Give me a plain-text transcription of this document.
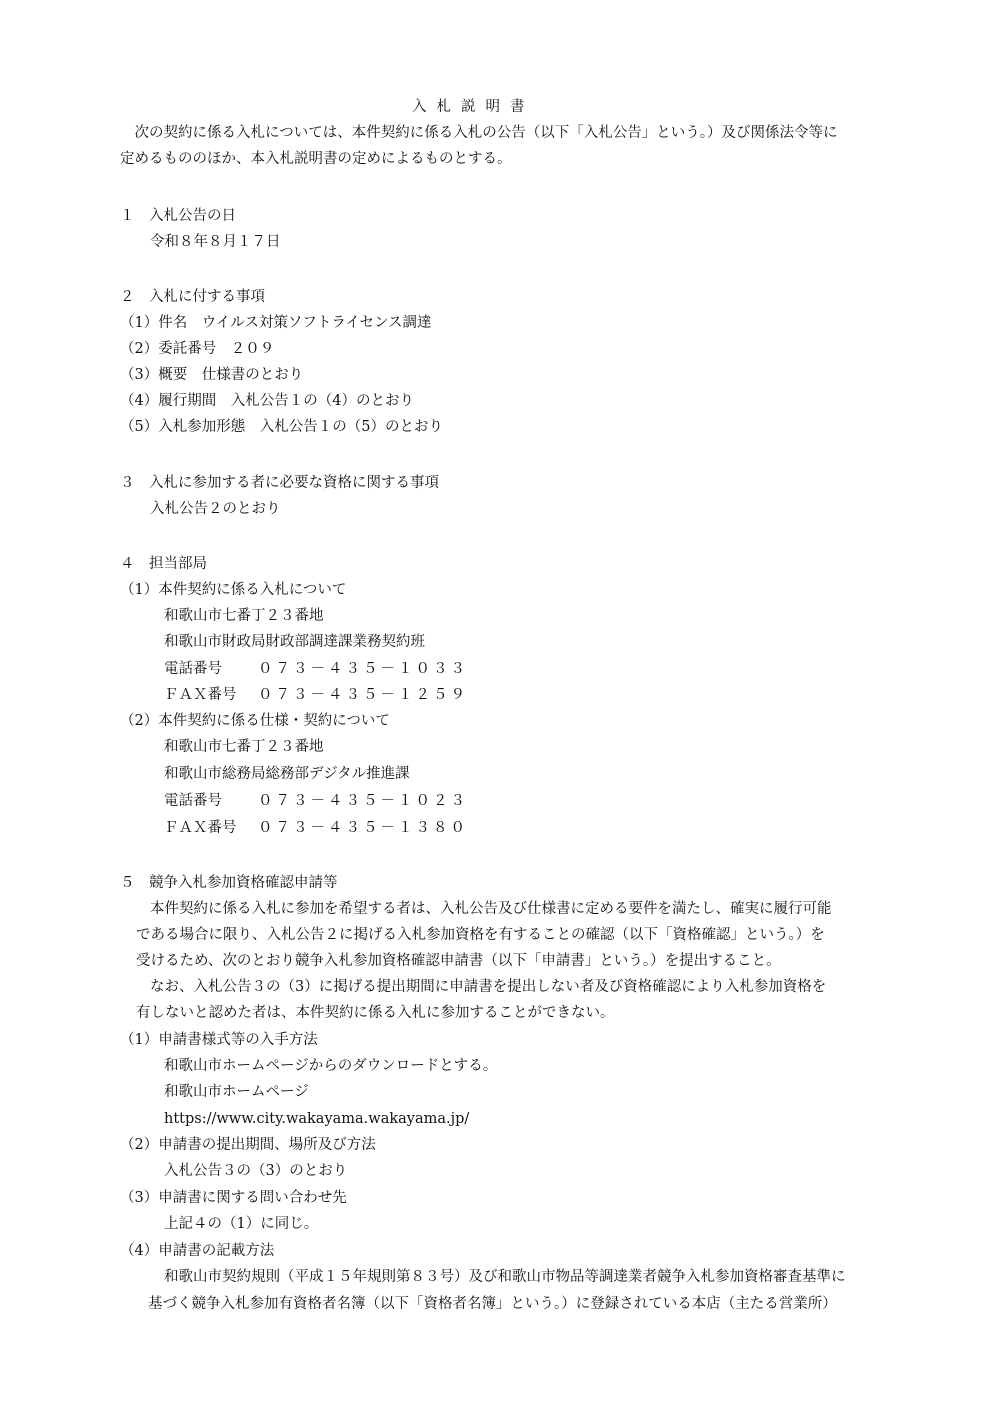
入札説明書
　次の契約に係る入札については、本件契約に係る入札の公告（以下「入札公告」という。）及び関係法令等に
定めるもののほか、本入札説明書の定めによるものとする。
１　入札公告の日
令和８年８月１７日
２　入札に付する事項
（1）件名　ウイルス対策ソフトライセンス調達
（2）委託番号　２０９
（3）概要　仕様書のとおり
（4）履行期間　入札公告１の（4）のとおり
（5）入札参加形態　入札公告１の（5）のとおり
３　入札に参加する者に必要な資格に関する事項
入札公告２のとおり
４　担当部局
（1）本件契約に係る入札について
和歌山市七番丁２３番地
和歌山市財政局財政部調達課業務契約班
電話番号 ０７３－４３５－１０３３
ＦＡＸ番号 ０７３－４３５－１２５９
（2）本件契約に係る仕様・契約について
和歌山市七番丁２３番地
和歌山市総務局総務部デジタル推進課
電話番号 ０７３－４３５－１０２３
ＦＡＸ番号 ０７３－４３５－１３８０
５　競争入札参加資格確認申請等
本件契約に係る入札に参加を希望する者は、入札公告及び仕様書に定める要件を満たし、確実に履行可能
である場合に限り、入札公告２に掲げる入札参加資格を有することの確認（以下「資格確認」という。）を
受けるため、次のとおり競争入札参加資格確認申請書（以下「申請書」という。）を提出すること。
なお、入札公告３の（3）に掲げる提出期間に申請書を提出しない者及び資格確認により入札参加資格を
有しないと認めた者は、本件契約に係る入札に参加することができない。
（1）申請書様式等の入手方法
和歌山市ホームページからのダウンロードとする。
和歌山市ホームページ
https://www.city.wakayama.wakayama.jp/
（2）申請書の提出期間、場所及び方法
入札公告３の（3）のとおり
（3）申請書に関する問い合わせ先
上記４の（1）に同じ。
（4）申請書の記載方法
和歌山市契約規則（平成１５年規則第８３号）及び和歌山市物品等調達業者競争入札参加資格審査基準に
基づく競争入札参加有資格者名簿（以下「資格者名簿」という。）に登録されている本店（主たる営業所）
